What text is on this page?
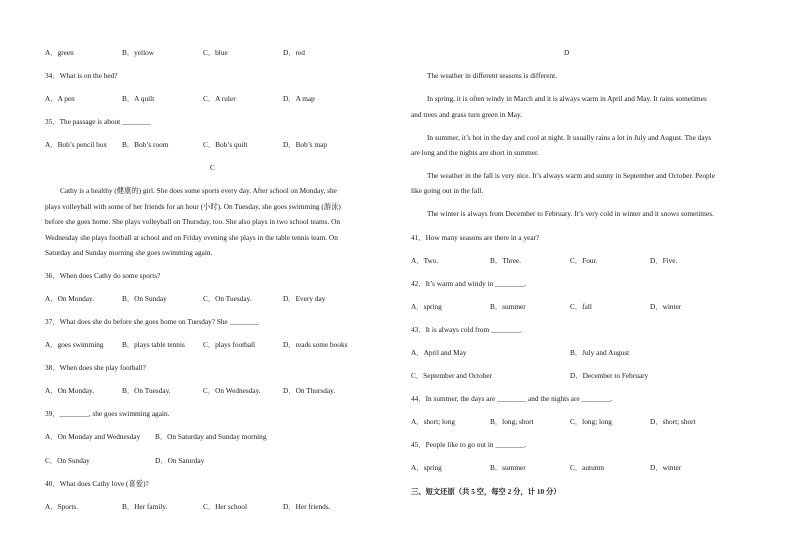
A．green	B．yellow	C．blue	D．red
34．What is on the bed?
A．A pen	B．A quilt	C．A ruler	D．A map
35．The passage is about ________
A．Bob’s pencil box B．Bob’s room	C．Bob’s quilt	D．Bob’s map
C
Cathy is a healthy (健康的) girl. She does some sports every day. After school on Monday, she
plays volleyball with some of her friends for an hour (小时). On Tuesday, she goes swimming (游泳)
before she goes home. She plays volleyball on Thursday, too. She also plays in two school teams. On
Wednesday she plays football at school and on Friday evening she plays in the table tennis team. On
Saturday and Sunday morning she goes swimming again.
36．When does Cathy do some sports?
A．On Monday.	B．On Sunday	C．On Tuesday.	D．Every day
37．What does she do before she goes home on Tuesday? She ________
A．goes swimming	B．plays table tennis C．plays football	D．reads some books
38．When does she play football?
A．On Monday.	B．On Tuesday.	C．On Wednesday.	D．On Thursday.
39．________, she goes swimming again.
A．On Monday and Wednesday B．On Saturday and Sunday morning
C．On Sunday	D．On Saturday
40．What does Cathy love (喜爱)?
A．Sports.	B．Her family.	C．Her school	D．Her friends.
D
The weather in different seasons is different.
In spring, it is often windy in March and it is always warm in April and May. It rains sometimes
and trees and grass turn green in May.
In summer, it’s hot in the day and cool at night. It usually rains a lot in July and August. The days
are long and the nights are short in summer.
The weather in the fall is very nice. It’s always warm and sunny in September and October. People
like going out in the fall.
The winter is always from December to February. It’s very cold in winter and it snows sometimes.
41．How many seasons are there in a year?
A．Two.	B．Three.	C．Four.	D．Five.
42．It’s warm and windy in ________.
A．spring	B．summer	C．fall	D．winter
43．It is always cold from ________.
A．April and May	B．July and August
C．September and October	D．December to February
44．In summer, the days are ________ and the nights are ________.
A．short; long	B．long; short	C．long; long	D．short; short
45．People like to go out in ________.
A．spring	B．summer	C．autumn	D．winter
三、短文还原（共 5 空，每空 2 分，计 10 分）
